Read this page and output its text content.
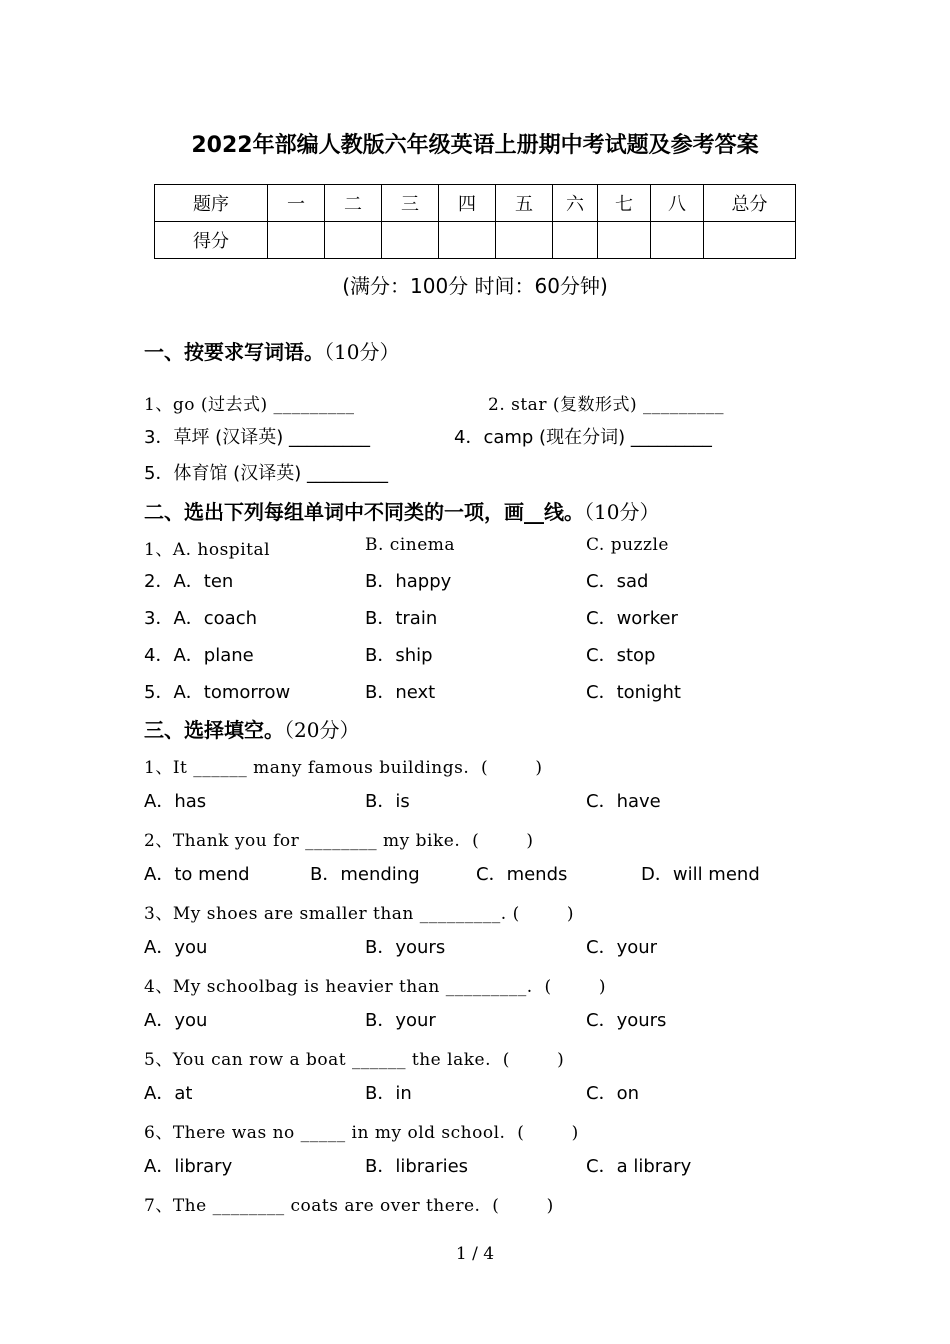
2022年部编人教版六年级英语上册期中考试题及参考答案
题序	一	二	三	四	五	六	七	八	总分
得分									
(满分：100分 时间：60分钟)
一、按要求写词语。（10分）
1、go (过去式) _________	2. star (复数形式) _________
3．草坪 (汉译英) _________	4．camp (现在分词) _________
5．体育馆 (汉译英) _________
二、选出下列每组单词中不同类的一项，画__线。（10分）
1、A. hospital	B. cinema	C. puzzle
2．A．ten	B．happy	C．sad
3．A．coach	B．train	C．worker
4．A．plane	B．ship	C．stop
5．A．tomorrow	B．next	C．tonight
三、选择填空。（20分）
1、It ______ many famous buildings.  (        )
A．has	B．is	C．have
2、Thank you for ________ my bike.  (        )
A．to mend	B．mending	C．mends	D．will mend
3、My shoes are smaller than _________. (        )
A．you	B．yours	C．your
4、My schoolbag is heavier than _________.  (        )
A．you	B．your	C．yours
5、You can row a boat ______ the lake.  (        )
A．at	B．in	C．on
6、There was no _____ in my old school.  (        )
A．library	B．libraries	C．a library
7、The ________ coats are over there.  (        )
1 / 4
